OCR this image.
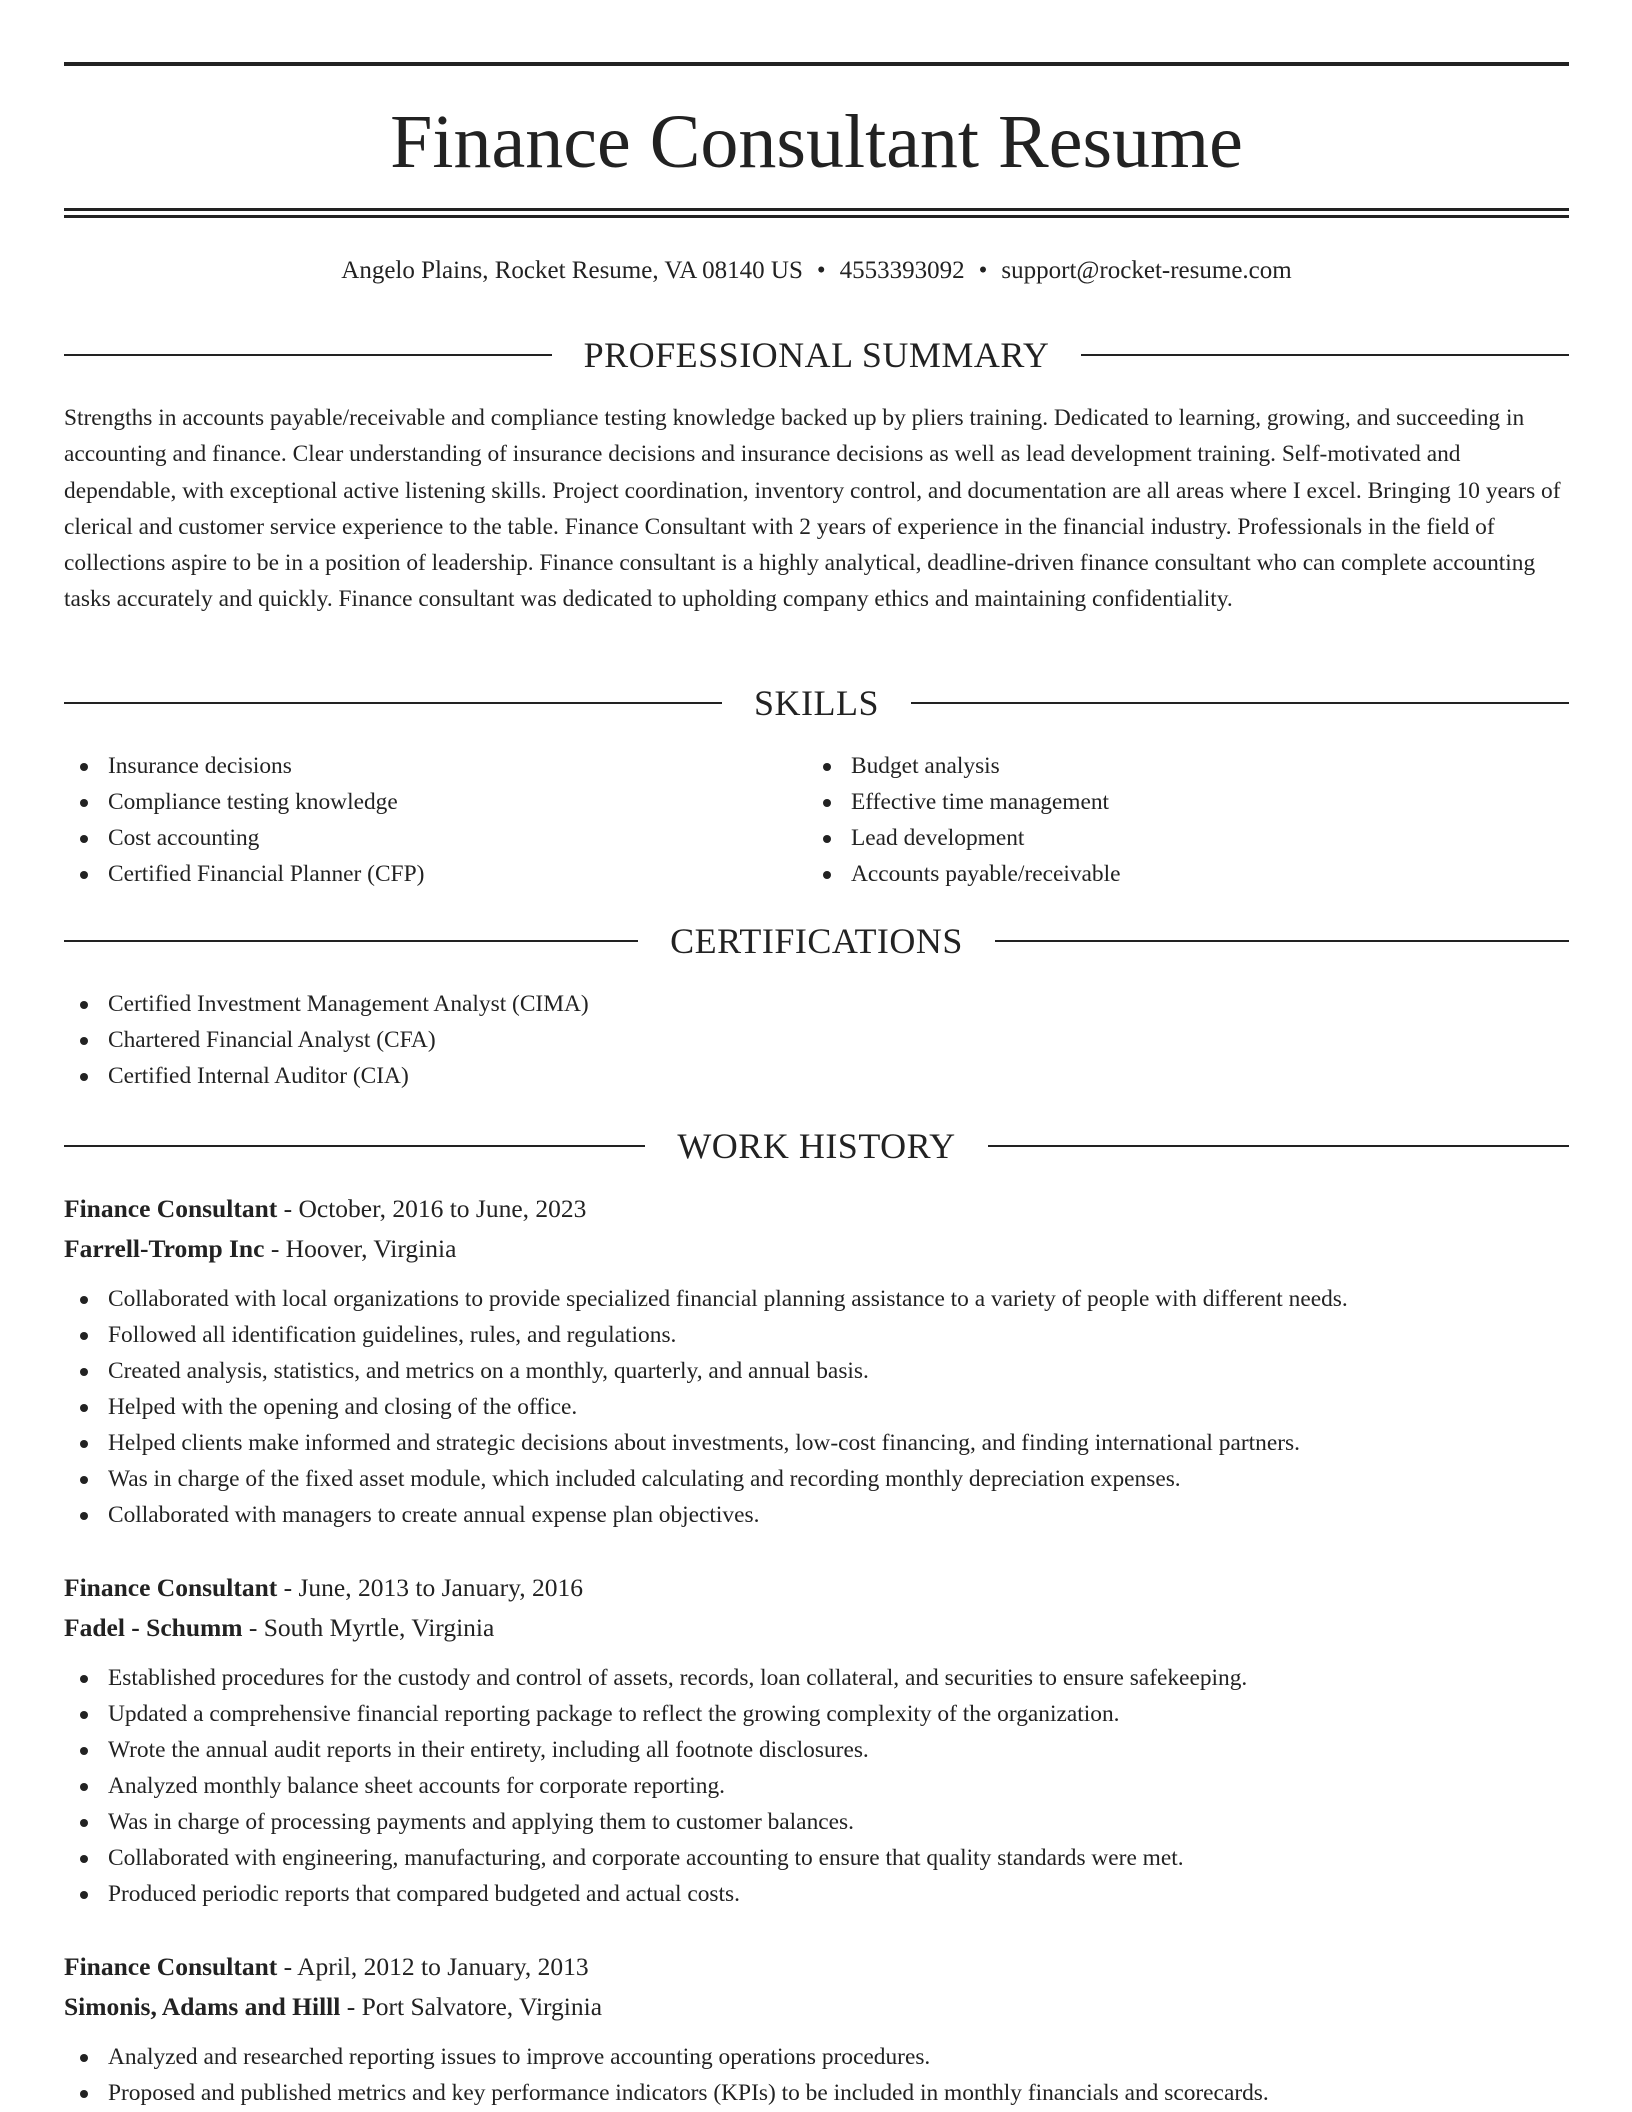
Finance Consultant Resume
Angelo Plains, Rocket Resume, VA 08140 US • 4553393092 • support@rocket-resume.com
PROFESSIONAL SUMMARY

Strengths in accounts payable/receivable and compliance testing knowledge backed up by pliers training. Dedicated to learning, growing, and succeeding in accounting and finance. Clear understanding of insurance decisions and insurance decisions as well as lead development training. Self-motivated and dependable, with exceptional active listening skills. Project coordination, inventory control, and documentation are all areas where I excel. Bringing 10 years of clerical and customer service experience to the table. Finance Consultant with 2 years of experience in the financial industry. Professionals in the field of collections aspire to be in a position of leadership. Finance consultant is a highly analytical, deadline-driven finance consultant who can complete accounting tasks accurately and quickly. Finance consultant was dedicated to upholding company ethics and maintaining confidentiality.

SKILLS
Insurance decisions
Compliance testing knowledge
Cost accounting
Certified Financial Planner (CFP)
Budget analysis
Effective time management
Lead development
Accounts payable/receivable
CERTIFICATIONS
Certified Investment Management Analyst (CIMA)
Chartered Financial Analyst (CFA)
Certified Internal Auditor (CIA)
WORK HISTORY
Finance Consultant - October, 2016 to June, 2023
Farrell-Tromp Inc - Hoover, Virginia
Collaborated with local organizations to provide specialized financial planning assistance to a variety of people with different needs.
Followed all identification guidelines, rules, and regulations.
Created analysis, statistics, and metrics on a monthly, quarterly, and annual basis.
Helped with the opening and closing of the office.
Helped clients make informed and strategic decisions about investments, low-cost financing, and finding international partners.
Was in charge of the fixed asset module, which included calculating and recording monthly depreciation expenses.
Collaborated with managers to create annual expense plan objectives.
Finance Consultant - June, 2013 to January, 2016
Fadel - Schumm - South Myrtle, Virginia
Established procedures for the custody and control of assets, records, loan collateral, and securities to ensure safekeeping.
Updated a comprehensive financial reporting package to reflect the growing complexity of the organization.
Wrote the annual audit reports in their entirety, including all footnote disclosures.
Analyzed monthly balance sheet accounts for corporate reporting.
Was in charge of processing payments and applying them to customer balances.
Collaborated with engineering, manufacturing, and corporate accounting to ensure that quality standards were met.
Produced periodic reports that compared budgeted and actual costs.
Finance Consultant - April, 2012 to January, 2013
Simonis, Adams and Hilll - Port Salvatore, Virginia
Analyzed and researched reporting issues to improve accounting operations procedures.
Proposed and published metrics and key performance indicators (KPIs) to be included in monthly financials and scorecards.
